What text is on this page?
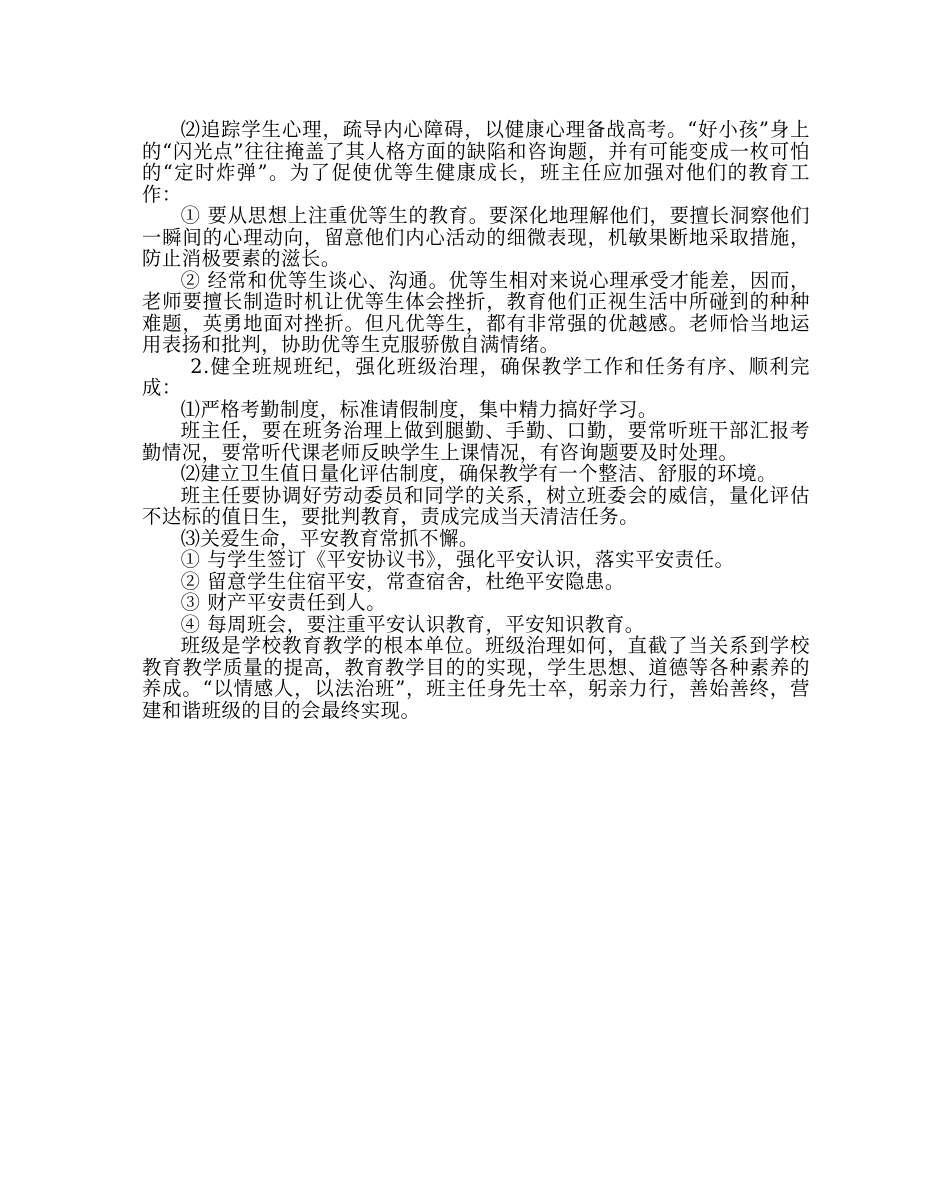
⑵追踪学生心理，疏导内心障碍，以健康心理备战高考。“好小孩”身上的“闪光点”往往掩盖了其人格方面的缺陷和咨询题，并有可能变成一枚可怕的“定时炸弹”。为了促使优等生健康成长，班主任应加强对他们的教育工作：

① 要从思想上注重优等生的教育。要深化地理解他们，要擅长洞察他们一瞬间的心理动向，留意他们内心活动的细微表现，机敏果断地采取措施，防止消极要素的滋长。

② 经常和优等生谈心、沟通。优等生相对来说心理承受才能差，因而，老师要擅长制造时机让优等生体会挫折，教育他们正视生活中所碰到的种种难题，英勇地面对挫折。但凡优等生，都有非常强的优越感。老师恰当地运用表扬和批判，协助优等生克服骄傲自满情绪。

2.健全班规班纪，强化班级治理，确保教学工作和任务有序、顺利完成：

⑴严格考勤制度，标准请假制度，集中精力搞好学习。

班主任，要在班务治理上做到腿勤、手勤、口勤，要常听班干部汇报考勤情况，要常听代课老师反映学生上课情况，有咨询题要及时处理。

⑵建立卫生值日量化评估制度，确保教学有一个整洁、舒服的环境。

班主任要协调好劳动委员和同学的关系，树立班委会的威信，量化评估不达标的值日生，要批判教育，责成完成当天清洁任务。

⑶关爱生命，平安教育常抓不懈。

① 与学生签订《平安协议书》，强化平安认识，落实平安责任。

② 留意学生住宿平安，常查宿舍，杜绝平安隐患。

③ 财产平安责任到人。

④ 每周班会，要注重平安认识教育，平安知识教育。

班级是学校教育教学的根本单位。班级治理如何，直截了当关系到学校教育教学质量的提高，教育教学目的的实现，学生思想、道德等各种素养的养成。“以情感人，以法治班”，班主任身先士卒，躬亲力行，善始善终，营建和谐班级的目的会最终实现。
